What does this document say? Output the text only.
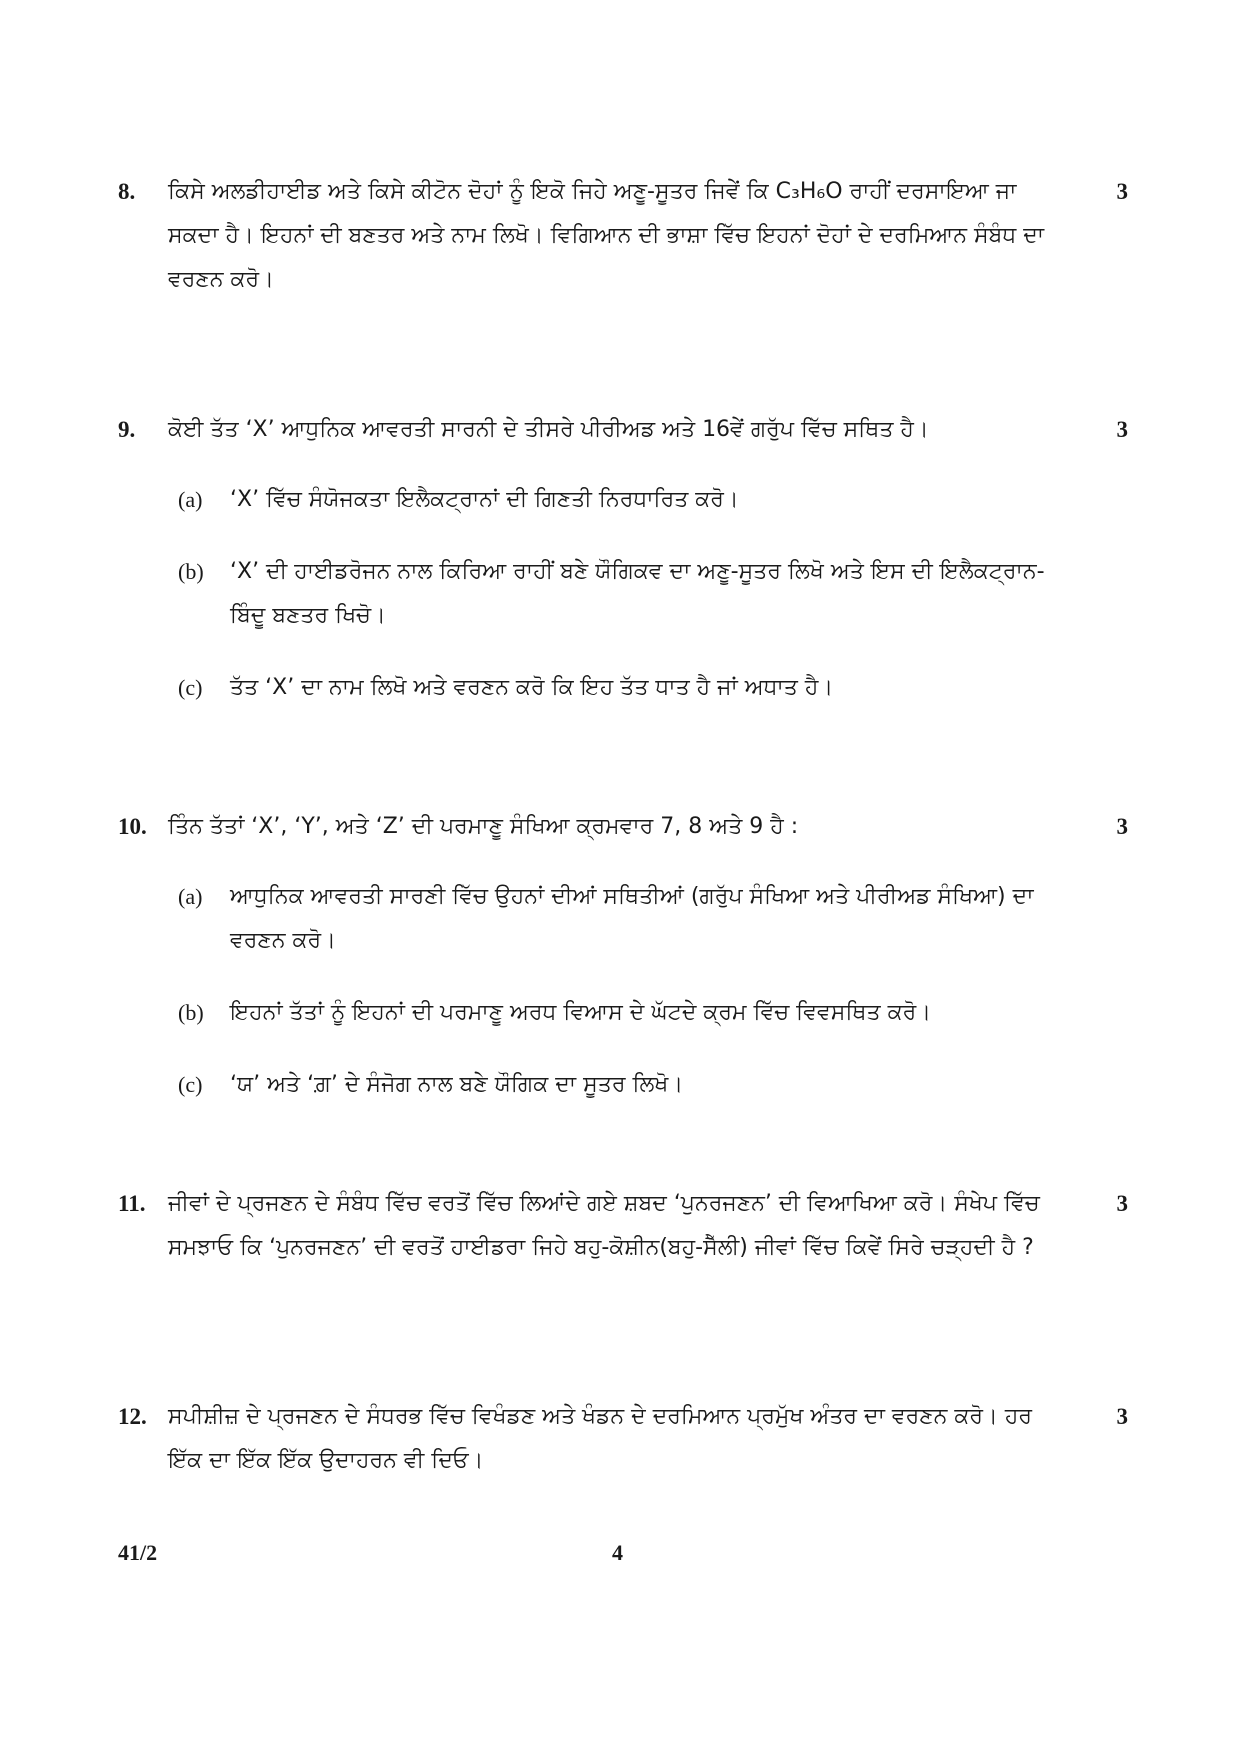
8. ਕਿਸੇ ਅਲਡੀਹਾਈਡ ਅਤੇ ਕਿਸੇ ਕੀਟੋਨ ਦੋਹਾਂ ਨੂੰ ਇਕੋ ਜਿਹੇ ਅਣੂ-ਸੂਤਰ ਜਿਵੇਂ ਕਿ C₃H₆O ਰਾਹੀਂ ਦਰਸਾਇਆ ਜਾ ਸਕਦਾ ਹੈ। ਇਹਨਾਂ ਦੀ ਬਣਤਰ ਅਤੇ ਨਾਮ ਲਿਖੋ। ਵਿਗਿਆਨ ਦੀ ਭਾਸ਼ਾ ਵਿੱਚ ਇਹਨਾਂ ਦੋਹਾਂ ਦੇ ਦਰਮਿਆਨ ਸੰਬੰਧ ਦਾ ਵਰਣਨ ਕਰੋ।

3
9. ਕੋਈ ਤੱਤ ‘X’ ਆਧੁਨਿਕ ਆਵਰਤੀ ਸਾਰਨੀ ਦੇ ਤੀਸਰੇ ਪੀਰੀਅਡ ਅਤੇ 16ਵੇਂ ਗਰੁੱਪ ਵਿੱਚ ਸਥਿਤ ਹੈ।	3
(a) ‘X’ ਵਿੱਚ ਸੰਯੋਜਕਤਾ ਇਲੈਕਟ੍ਰਾਨਾਂ ਦੀ ਗਿਣਤੀ ਨਿਰਧਾਰਿਤ ਕਰੋ।

(b) ‘X’ ਦੀ ਹਾਈਡਰੋਜਨ ਨਾਲ ਕਿਰਿਆ ਰਾਹੀਂ ਬਣੇ ਯੌਗਿਕਵ ਦਾ ਅਣੂ-ਸੂਤਰ ਲਿਖੋ ਅਤੇ ਇਸ ਦੀ ਇਲੈਕਟ੍ਰਾਨ-ਬਿੰਦੂ ਬਣਤਰ ਖਿਚੋ।

(c) ਤੱਤ ‘X’ ਦਾ ਨਾਮ ਲਿਖੋ ਅਤੇ ਵਰਣਨ ਕਰੋ ਕਿ ਇਹ ਤੱਤ ਧਾਤ ਹੈ ਜਾਂ ਅਧਾਤ ਹੈ।

10. ਤਿੰਨ ਤੱਤਾਂ ‘X’, ‘Y’, ਅਤੇ ‘Z’ ਦੀ ਪਰਮਾਣੂ ਸੰਖਿਆ ਕ੍ਰਮਵਾਰ 7, 8 ਅਤੇ 9 ਹੈ :	3
(a) ਆਧੁਨਿਕ ਆਵਰਤੀ ਸਾਰਣੀ ਵਿੱਚ ਉਹਨਾਂ ਦੀਆਂ ਸਥਿਤੀਆਂ (ਗਰੁੱਪ ਸੰਖਿਆ ਅਤੇ ਪੀਰੀਅਡ ਸੰਖਿਆ) ਦਾ ਵਰਣਨ ਕਰੋ।

(b) ਇਹਨਾਂ ਤੱਤਾਂ ਨੂੰ ਇਹਨਾਂ ਦੀ ਪਰਮਾਣੂ ਅਰਧ ਵਿਆਸ ਦੇ ਘੱਟਦੇ ਕ੍ਰਮ ਵਿੱਚ ਵਿਵਸਥਿਤ ਕਰੋ।

(c) ‘ਯ’ ਅਤੇ ‘ਗ਼’ ਦੇ ਸੰਜੋਗ ਨਾਲ ਬਣੇ ਯੌਗਿਕ ਦਾ ਸੂਤਰ ਲਿਖੋ।

11. ਜੀਵਾਂ ਦੇ ਪ੍ਰਜਣਨ ਦੇ ਸੰਬੰਧ ਵਿੱਚ ਵਰਤੋਂ ਵਿੱਚ ਲਿਆਂਦੇ ਗਏ ਸ਼ਬਦ ‘ਪੁਨਰਜਣਨ’ ਦੀ ਵਿਆਖਿਆ ਕਰੋ। ਸੰਖੇਪ ਵਿੱਚ ਸਮਝਾਓ ਕਿ ‘ਪੁਨਰਜਣਨ’ ਦੀ ਵਰਤੋਂ ਹਾਈਡਰਾ ਜਿਹੇ ਬਹੁ-ਕੋਸ਼ੀਨ(ਬਹੁ-ਸੈੱਲੀ) ਜੀਵਾਂ ਵਿੱਚ ਕਿਵੇਂ ਸਿਰੇ ਚੜ੍ਹਦੀ ਹੈ ?

3
12. ਸਪੀਸ਼ੀਜ਼ ਦੇ ਪ੍ਰਜਣਨ ਦੇ ਸੰਧਰਭ ਵਿੱਚ ਵਿਖੰਡਣ ਅਤੇ ਖੰਡਨ ਦੇ ਦਰਮਿਆਨ ਪ੍ਰਮੁੱਖ ਅੰਤਰ ਦਾ ਵਰਣਨ ਕਰੋ। ਹਰ ਇੱਕ ਦਾ ਇੱਕ ਇੱਕ ਉਦਾਹਰਨ ਵੀ ਦਿਓ।

3
41/2	4
